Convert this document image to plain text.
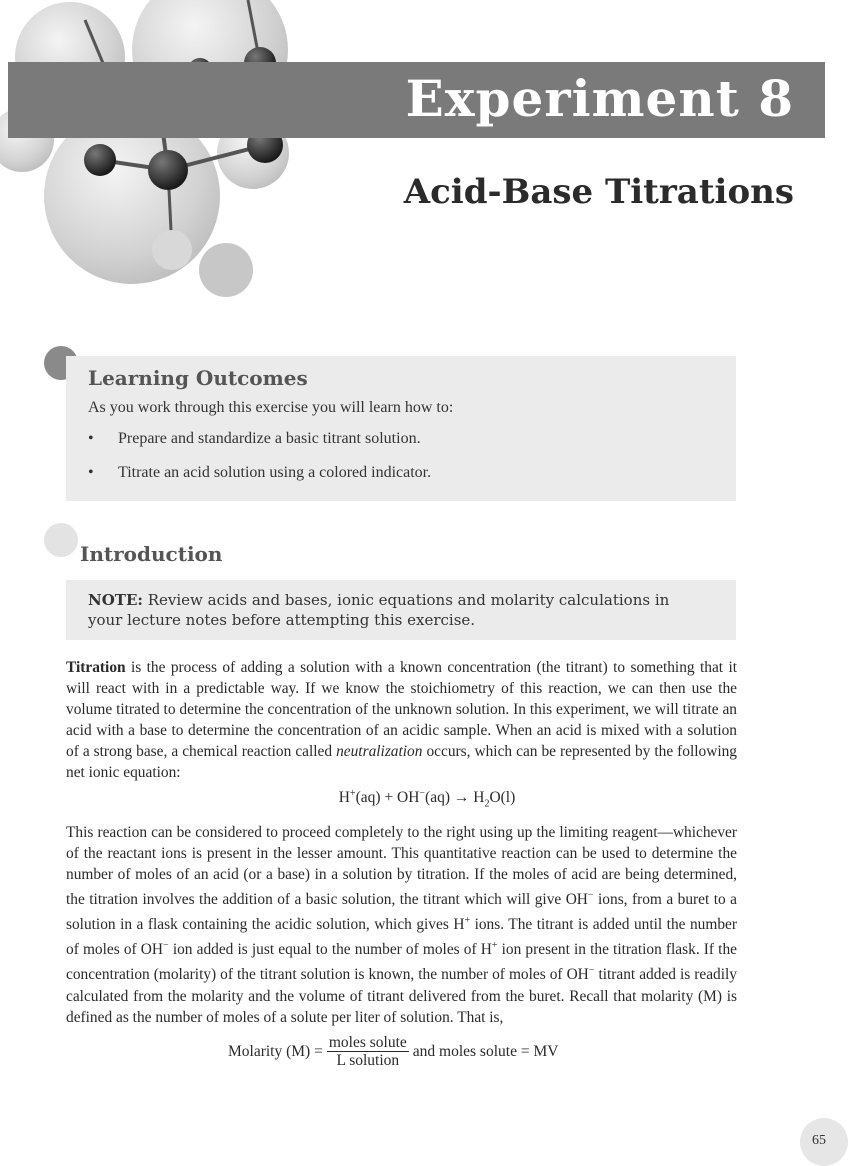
Experiment 8
Acid-Base Titrations
Learning Outcomes
As you work through this exercise you will learn how to:
• Prepare and standardize a basic titrant solution.
• Titrate an acid solution using a colored indicator.
Introduction
NOTE: Review acids and bases, ionic equations and molarity calculations in your lecture notes before attempting this exercise.

Titration is the process of adding a solution with a known concentration (the titrant) to something that it will react with in a predictable way. If we know the stoichiometry of this reaction, we can then use the volume titrated to determine the concentration of the unknown solution. In this experiment, we will titrate an acid with a base to determine the concentration of an acidic sample. When an acid is mixed with a solution of a strong base, a chemical reaction called neutralization occurs, which can be represented by the following net ionic equation:

$H^+(aq) + OH^-(aq) \to H_2O(l)$

This reaction can be considered to proceed completely to the right using up the limiting reagent—whichever of the reactant ions is present in the lesser amount. This quantitative reaction can be used to determine the number of moles of an acid (or a base) in a solution by titration. If the moles of acid are being determined, the titration involves the addition of a basic solution, the titrant which will give OH− ions, from a buret to a solution in a flask containing the acidic solution, which gives H+ ions. The titrant is added until the number of moles of OH− ion added is just equal to the number of moles of H+ ion present in the titration flask. If the concentration (molarity) of the titrant solution is known, the number of moles of OH− titrant added is readily calculated from the molarity and the volume of titrant delivered from the buret. Recall that molarity (M) is defined as the number of moles of a solute per liter of solution. That is,

Molarity $(M) = \frac{\text{moles solute}}{\text{L solution}}$ and moles solute = MV
65
